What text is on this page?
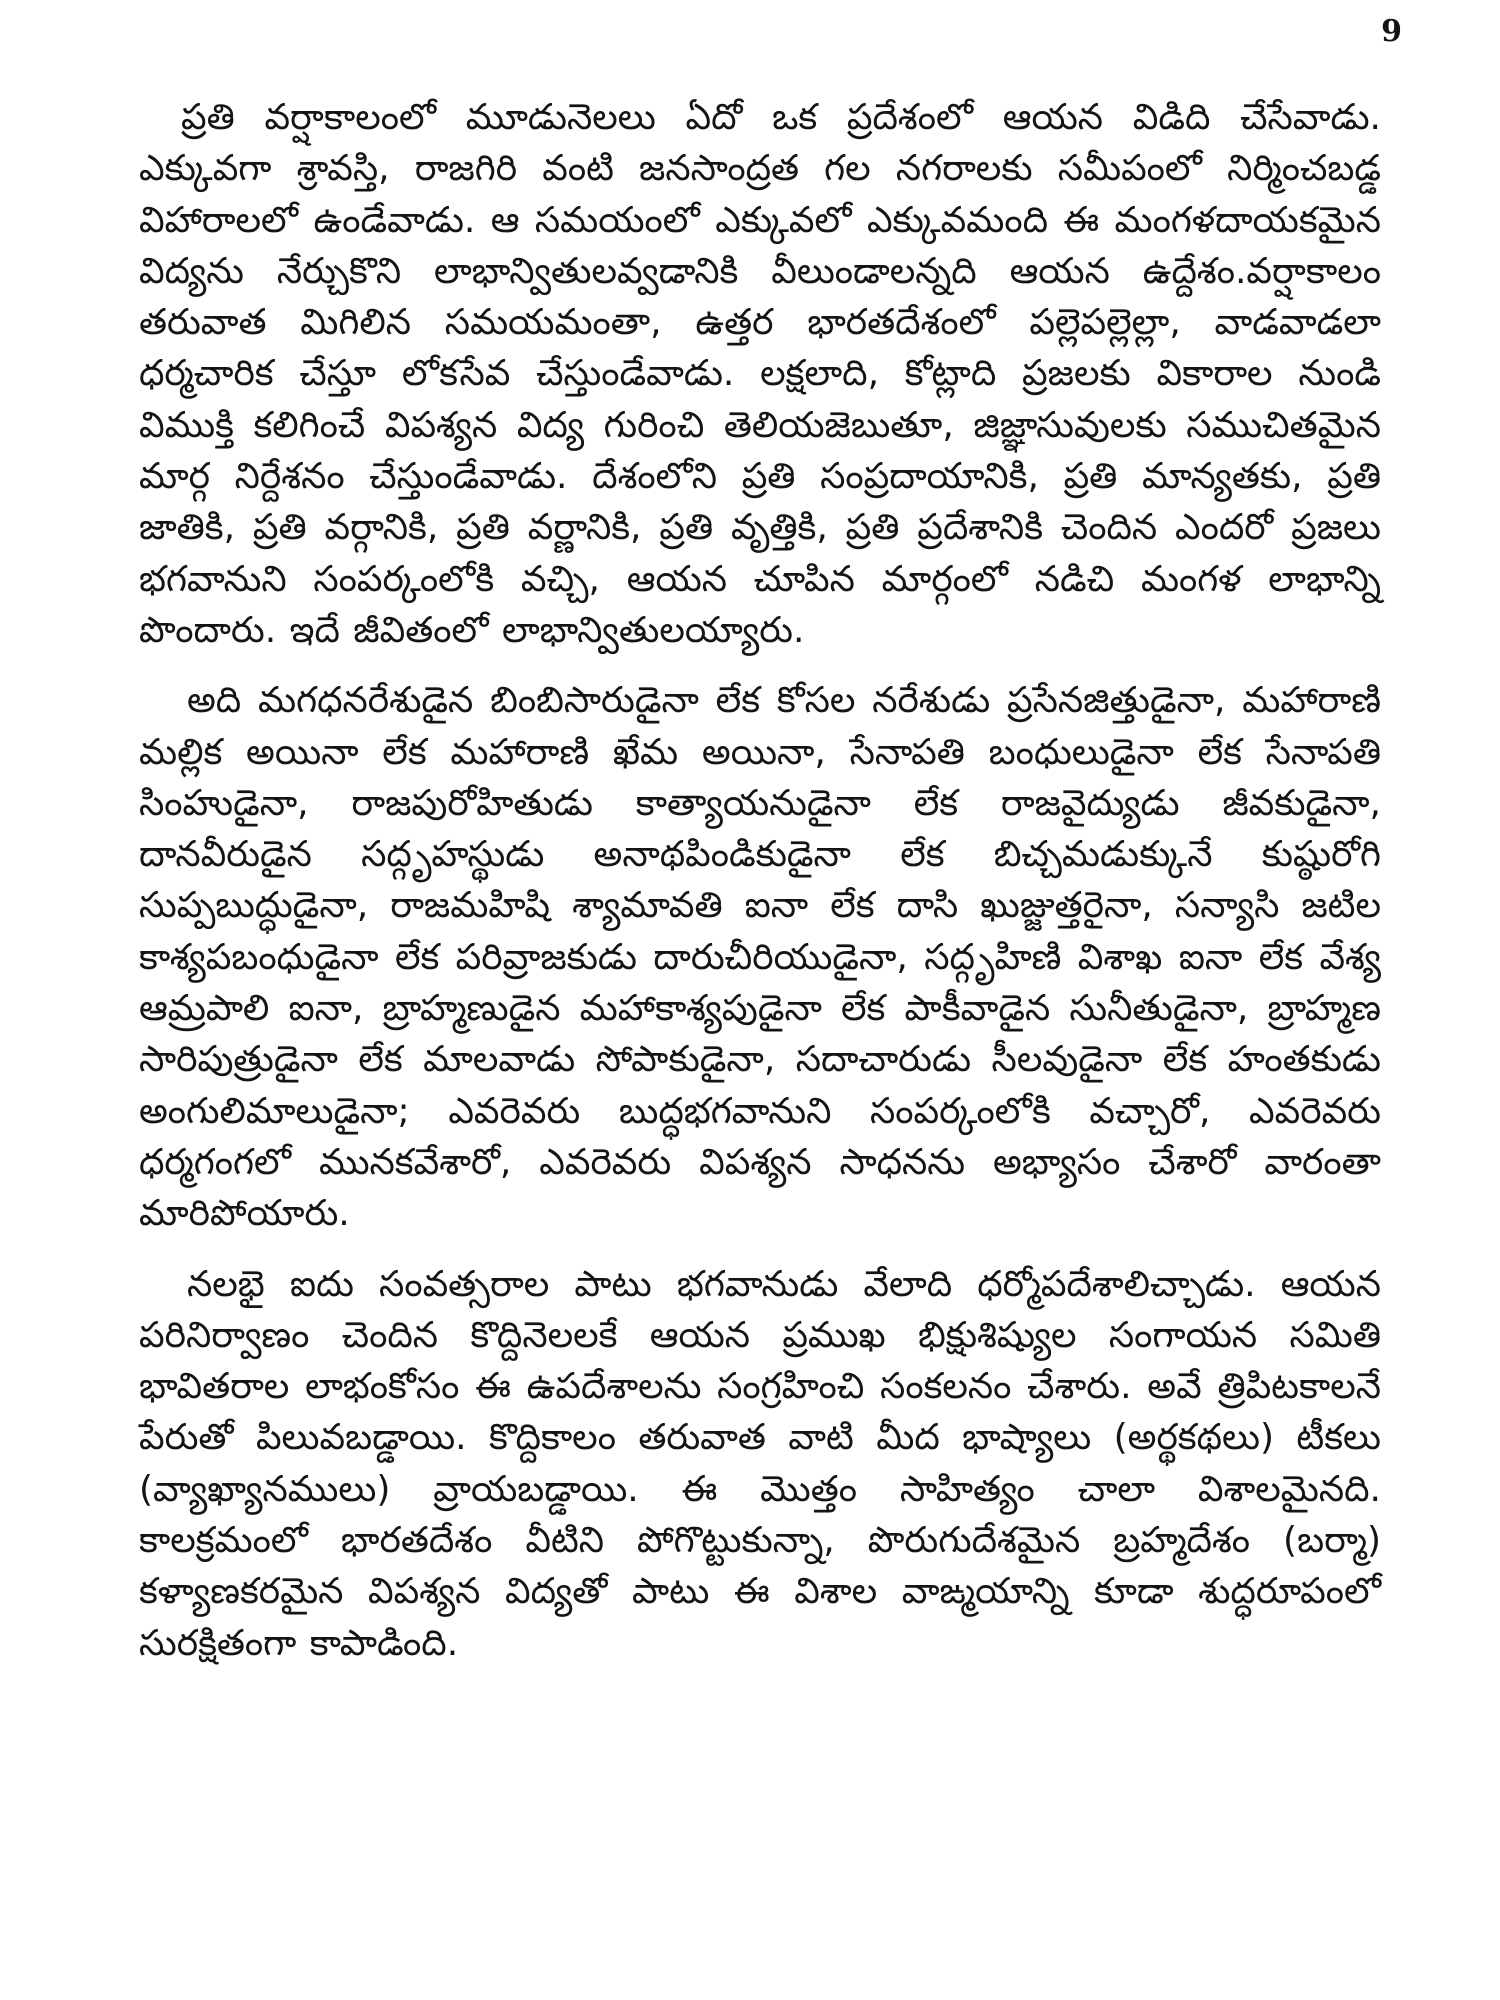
9

ప్రతి వర్షాకాలంలో మూడునెలలు ఏదో ఒక ప్రదేశంలో ఆయన విడిది చేసేవాడు. ఎక్కువగా శ్రావస్తి, రాజగిరి వంటి జనసాంద్రత గల నగరాలకు సమీపంలో నిర్మించబడ్డ విహారాలలో ఉండేవాడు. ఆ సమయంలో ఎక్కువలో ఎక్కువమంది ఈ మంగళదాయకమైన విద్యను నేర్చుకొని లాభాన్వితులవ్వడానికి వీలుండాలన్నది ఆయన ఉద్దేశం.వర్షాకాలం తరువాత మిగిలిన సమయమంతా, ఉత్తర భారతదేశంలో పల్లెపల్లెల్లా, వాడవాడలా ధర్మచారిక చేస్తూ లోకసేవ చేస్తుండేవాడు. లక్షలాది, కోట్లాది ప్రజలకు వికారాల నుండి విముక్తి కలిగించే విపశ్యన విద్య గురించి తెలియజెబుతూ, జిజ్ఞాసువులకు సముచితమైన మార్గ నిర్దేశనం చేస్తుండేవాడు. దేశంలోని ప్రతి సంప్రదాయానికి, ప్రతి మాన్యతకు, ప్రతి జాతికి, ప్రతి వర్గానికి, ప్రతి వర్ణానికి, ప్రతి వృత్తికి, ప్రతి ప్రదేశానికి చెందిన ఎందరో ప్రజలు భగవానుని సంపర్కంలోకి వచ్చి, ఆయన చూపిన మార్గంలో నడిచి మంగళ లాభాన్ని పొందారు. ఇదే జీవితంలో లాభాన్వితులయ్యారు.

అది మగధనరేశుడైన బింబిసారుడైనా లేక కోసల నరేశుడు ప్రసేనజిత్తుడైనా, మహారాణి మల్లిక అయినా లేక మహారాణి ఖేమ అయినా, సేనాపతి బంధులుడైనా లేక సేనాపతి సింహుడైనా, రాజపురోహితుడు కాత్యాయనుడైనా లేక రాజవైద్యుడు జీవకుడైనా, దానవీరుడైన సద్గృహస్థుడు అనాథపిండికుడైనా లేక బిచ్చమడుక్కునే కుష్ఠురోగి సుప్పబుద్ధుడైనా, రాజమహిషి శ్యామావతి ఐనా లేక దాసి ఖుజ్జుత్తరైనా, సన్యాసి జటిల కాశ్యపబంధుడైనా లేక పరివ్రాజకుడు దారుచీరియుడైనా, సద్గృహిణి విశాఖ ఐనా లేక వేశ్య ఆమ్రపాలి ఐనా, బ్రాహ్మణుడైన మహాకాశ్యపుడైనా లేక పాకీవాడైన సునీతుడైనా, బ్రాహ్మణ సారిపుత్రుడైనా లేక మాలవాడు సోపాకుడైనా, సదాచారుడు సీలవుడైనా లేక హంతకుడు అంగులిమాలుడైనా; ఎవరెవరు బుద్ధభగవానుని సంపర్కంలోకి వచ్చారో, ఎవరెవరు ధర్మగంగలో మునకవేశారో, ఎవరెవరు విపశ్యన సాధనను అభ్యాసం చేశారో వారంతా మారిపోయారు.

నలభై ఐదు సంవత్సరాల పాటు భగవానుడు వేలాది ధర్మోపదేశాలిచ్చాడు. ఆయన పరినిర్వాణం చెందిన కొద్దినెలలకే ఆయన ప్రముఖ భిక్షుశిష్యుల సంగాయన సమితి భావితరాల లాభంకోసం ఈ ఉపదేశాలను సంగ్రహించి సంకలనం చేశారు. అవే త్రిపిటకాలనే పేరుతో పిలువబడ్డాయి. కొద్దికాలం తరువాత వాటి మీద భాష్యాలు (అర్థకథలు) టీకలు (వ్యాఖ్యానములు) వ్రాయబడ్డాయి. ఈ మొత్తం సాహిత్యం చాలా విశాలమైనది. కాలక్రమంలో భారతదేశం వీటిని పోగొట్టుకున్నా, పొరుగుదేశమైన బ్రహ్మదేశం (బర్మా) కళ్యాణకరమైన విపశ్యన విద్యతో పాటు ఈ విశాల వాఙ్మయాన్ని కూడా శుద్ధరూపంలో సురక్షితంగా కాపాడింది.
